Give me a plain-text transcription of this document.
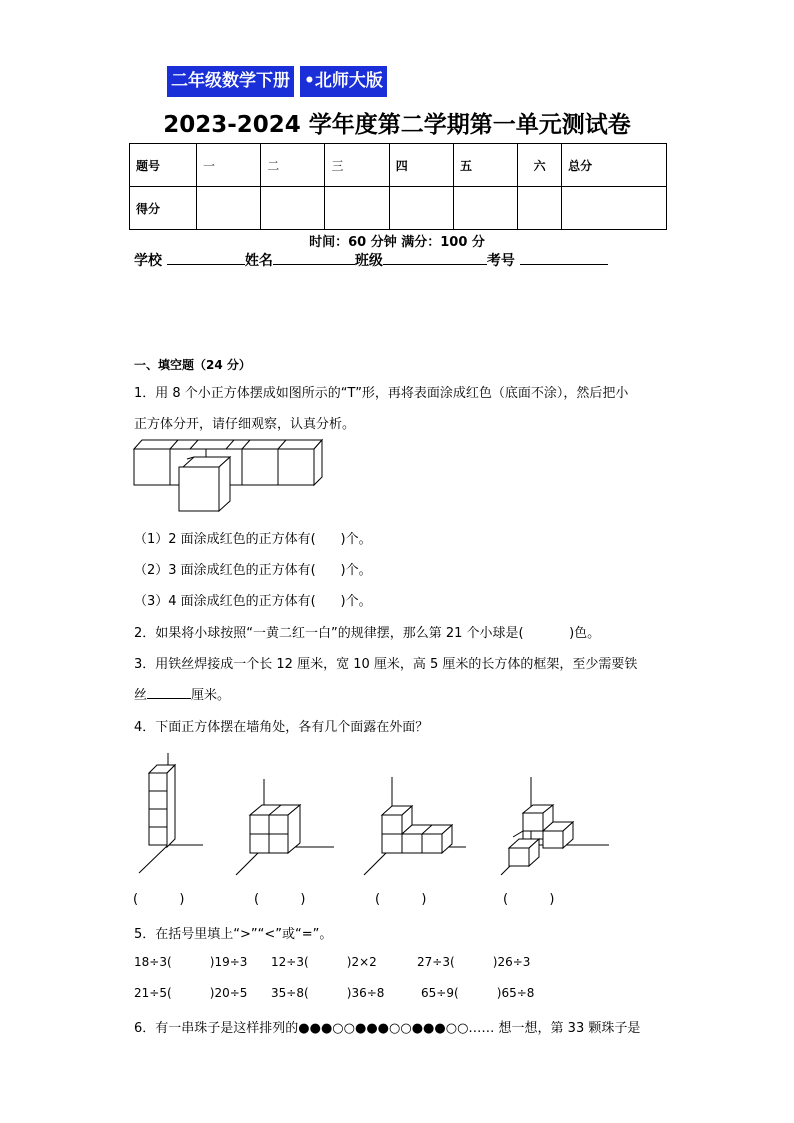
二年级数学下册 •北师大版
2023-2024 学年度第二学期第一单元测试卷
题号	一	二	三	四	五	六	总分
得分							
时间：60 分钟 满分：100 分
学校	姓名	班级	考号
一、填空题（24 分）
1．用 8 个小正方体摆成如图所示的“T”形，再将表面涂成红色（底面不涂），然后把小
正方体分开，请仔细观察，认真分析。
（1）2 面涂成红色的正方体有(      )个。
（2）3 面涂成红色的正方体有(      )个。
（3）4 面涂成红色的正方体有(      )个。
2．如果将小球按照“一黄二红一白”的规律摆，那么第 21 个小球是(           )色。
3．用铁丝焊接成一个长 12 厘米，宽 10 厘米，高 5 厘米的长方体的框架，至少需要铁
丝	厘米。
4．下面正方体摆在墙角处，各有几个面露在外面？
(          )	(          )	(          )	(          )
5．在括号里填上“>”“<”或“=”。
18÷3(          )19÷3 12÷3(          )2×2	27÷3(          )26÷3
21÷5(          )20÷5 35÷8(          )36÷8	65÷9(          )65÷8
6．有一串珠子是这样排列的●●●○○●●●○○●●●○○…… 想一想，第 33 颗珠子是
